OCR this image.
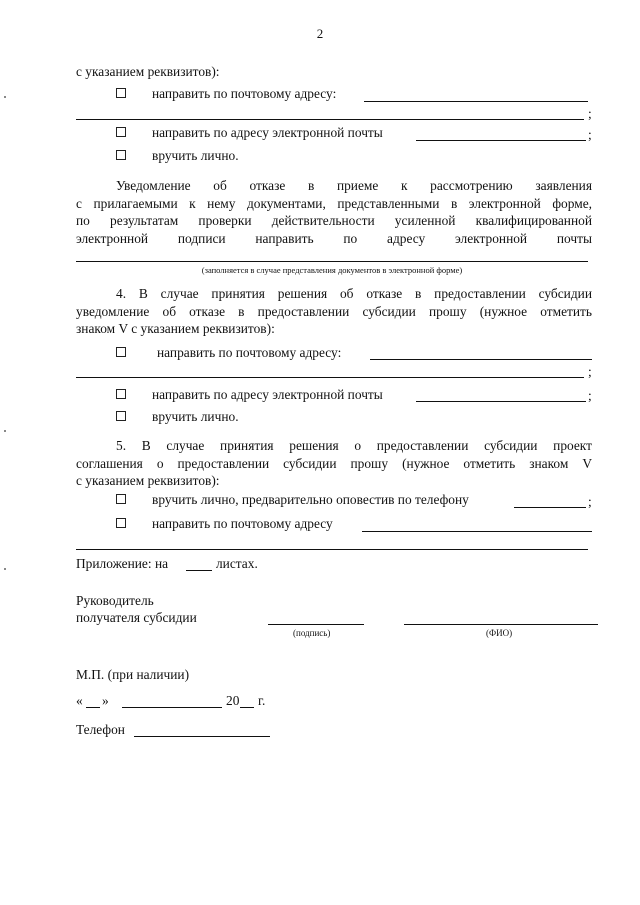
2
с указанием реквизитов):
направить по почтовому адресу:
;
направить по адресу электронной почты	;
вручить лично.
Уведомление об отказе в приеме к рассмотрению заявления
с прилагаемыми к нему документами, представленными в электронной форме,
по результатам проверки действительности усиленной квалифицированной
электронной подписи направить по адресу электронной почты
(заполняется в случае представления документов в электронной форме)
4. В случае принятия решения об отказе в предоставлении субсидии
уведомление об отказе в предоставлении субсидии прошу (нужное отметить
знаком V с указанием реквизитов):
направить по почтовому адресу:
;
направить по адресу электронной почты	;
вручить лично.
5. В случае принятия решения о предоставлении субсидии проект
соглашения о предоставлении субсидии прошу (нужное отметить знаком V
с указанием реквизитов):
вручить лично, предварительно оповестив по телефону	;
направить по почтовому адресу
Приложение: на	листах.
Руководитель
получателя субсидии
(подпись)	(ФИО)
М.П. (при наличии)
« »	20 г.
Телефон
